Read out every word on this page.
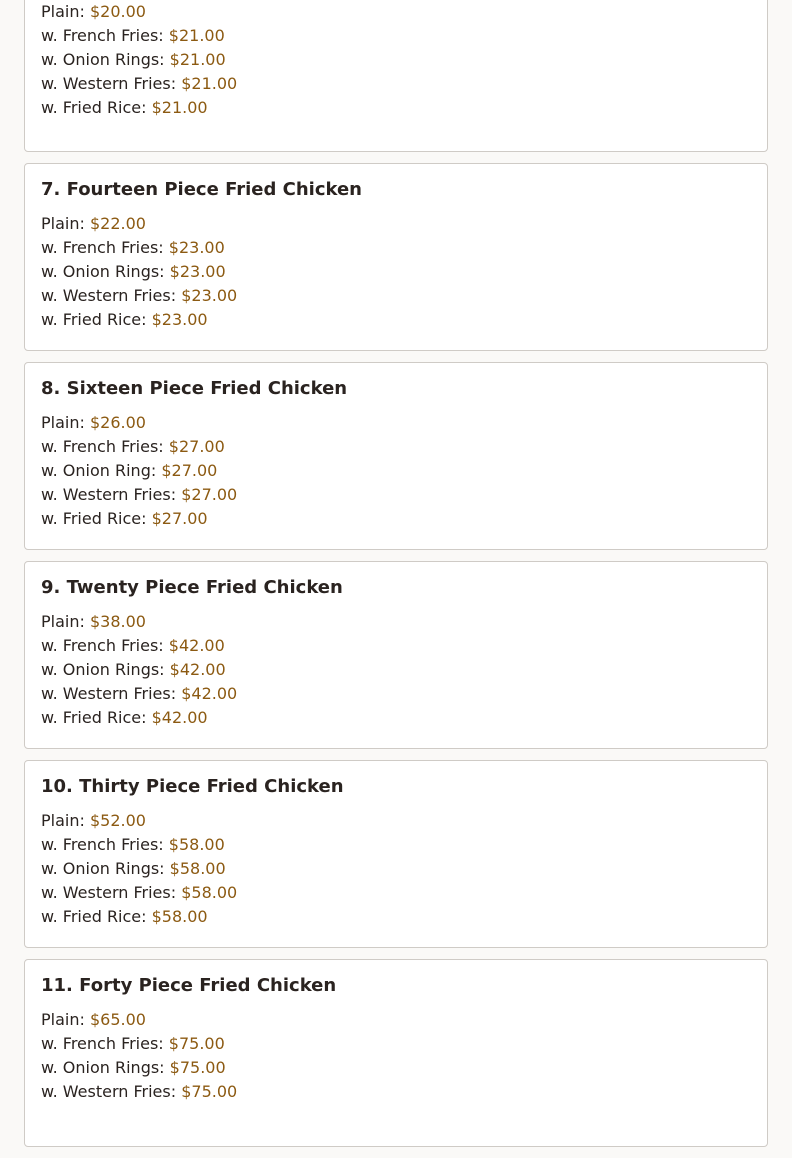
Plain: $20.00
w. French Fries: $21.00
w. Onion Rings: $21.00
w. Western Fries: $21.00
w. Fried Rice: $21.00
7. Fourteen Piece Fried Chicken
Plain: $22.00
w. French Fries: $23.00
w. Onion Rings: $23.00
w. Western Fries: $23.00
w. Fried Rice: $23.00
8. Sixteen Piece Fried Chicken
Plain: $26.00
w. French Fries: $27.00
w. Onion Ring: $27.00
w. Western Fries: $27.00
w. Fried Rice: $27.00
9. Twenty Piece Fried Chicken
Plain: $38.00
w. French Fries: $42.00
w. Onion Rings: $42.00
w. Western Fries: $42.00
w. Fried Rice: $42.00
10. Thirty Piece Fried Chicken
Plain: $52.00
w. French Fries: $58.00
w. Onion Rings: $58.00
w. Western Fries: $58.00
w. Fried Rice: $58.00
11. Forty Piece Fried Chicken
Plain: $65.00
w. French Fries: $75.00
w. Onion Rings: $75.00
w. Western Fries: $75.00
